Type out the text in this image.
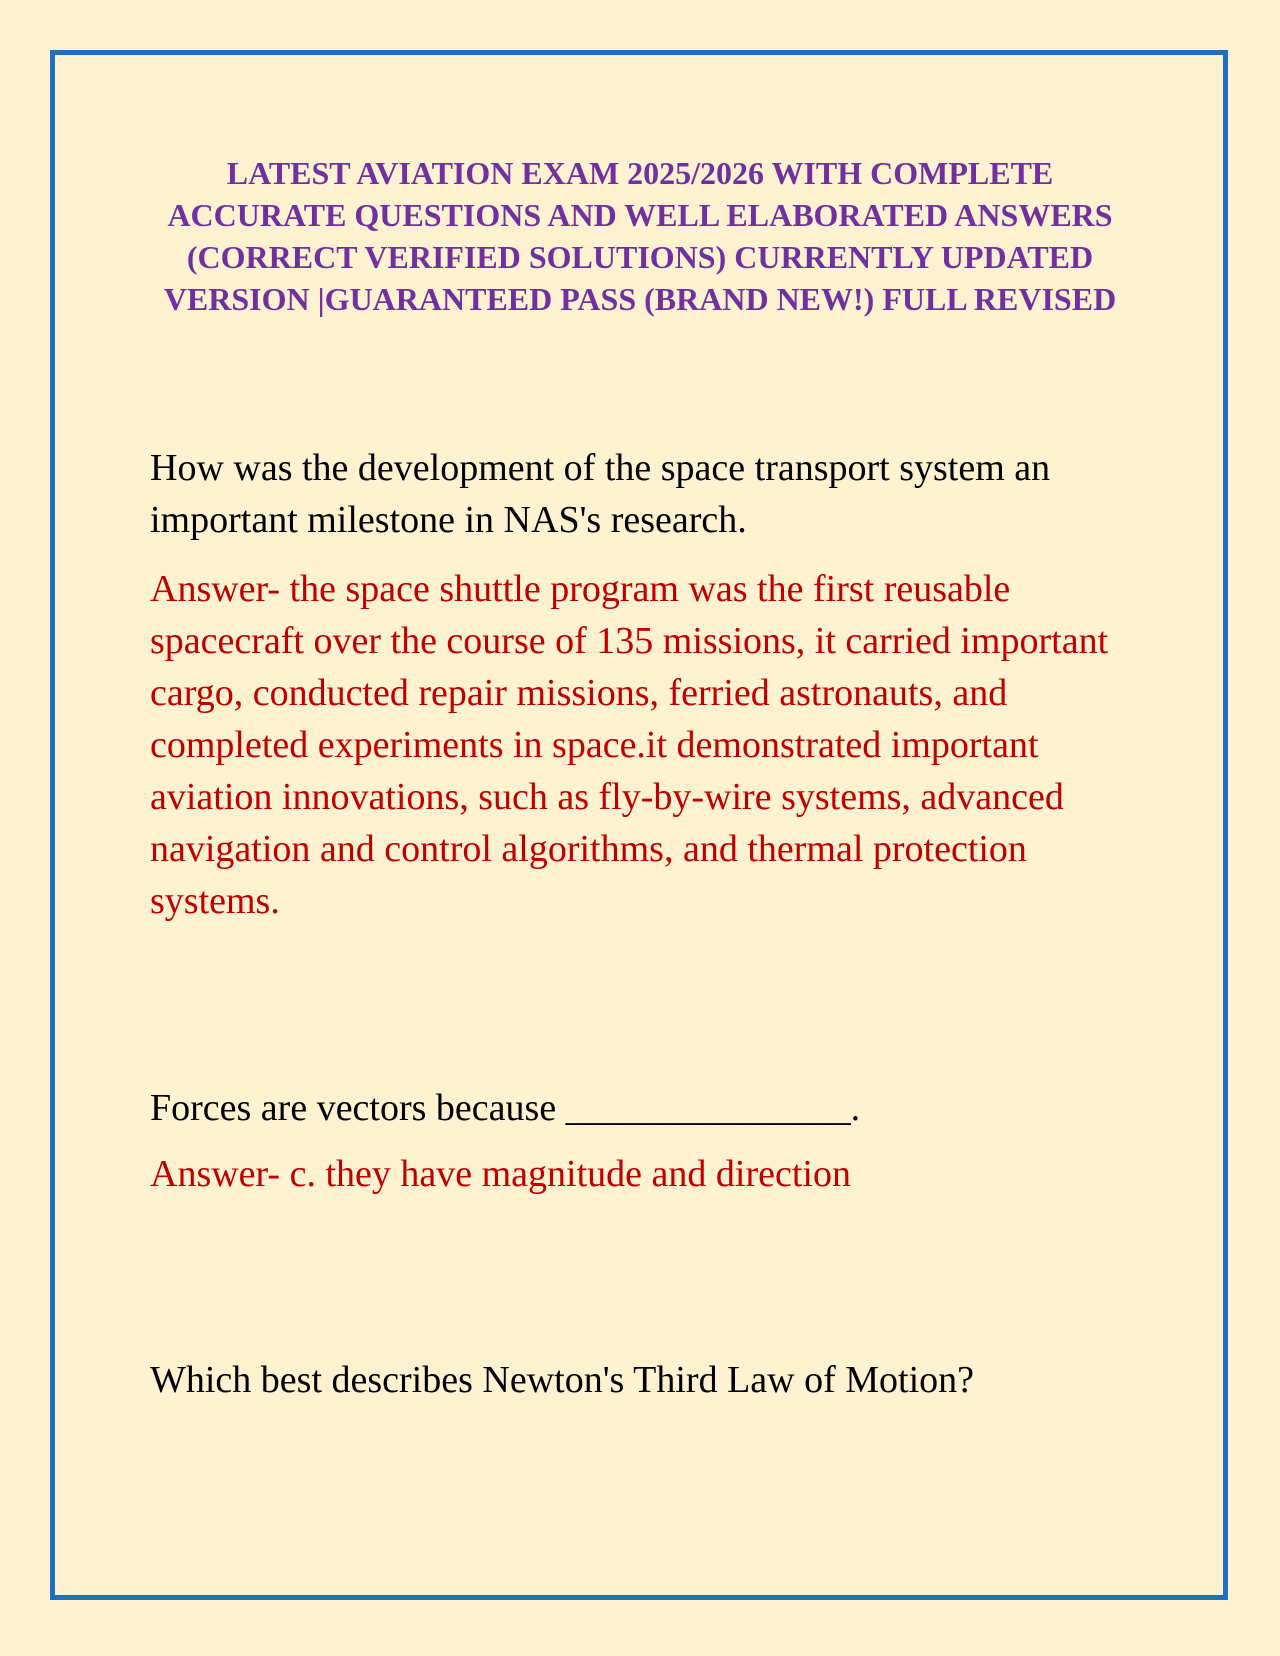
LATEST AVIATION EXAM 2025/2026 WITH COMPLETE ACCURATE QUESTIONS AND WELL ELABORATED ANSWERS (CORRECT VERIFIED SOLUTIONS) CURRENTLY UPDATED VERSION |GUARANTEED PASS (BRAND NEW!) FULL REVISED

How was the development of the space transport system an important milestone in NAS's research.

Answer- the space shuttle program was the first reusable spacecraft over the course of 135 missions, it carried important cargo, conducted repair missions, ferried astronauts, and completed experiments in space.it demonstrated important aviation innovations, such as fly-by-wire systems, advanced navigation and control algorithms, and thermal protection systems.

Forces are vectors because _______________.

Answer- c. they have magnitude and direction

Which best describes Newton's Third Law of Motion?
